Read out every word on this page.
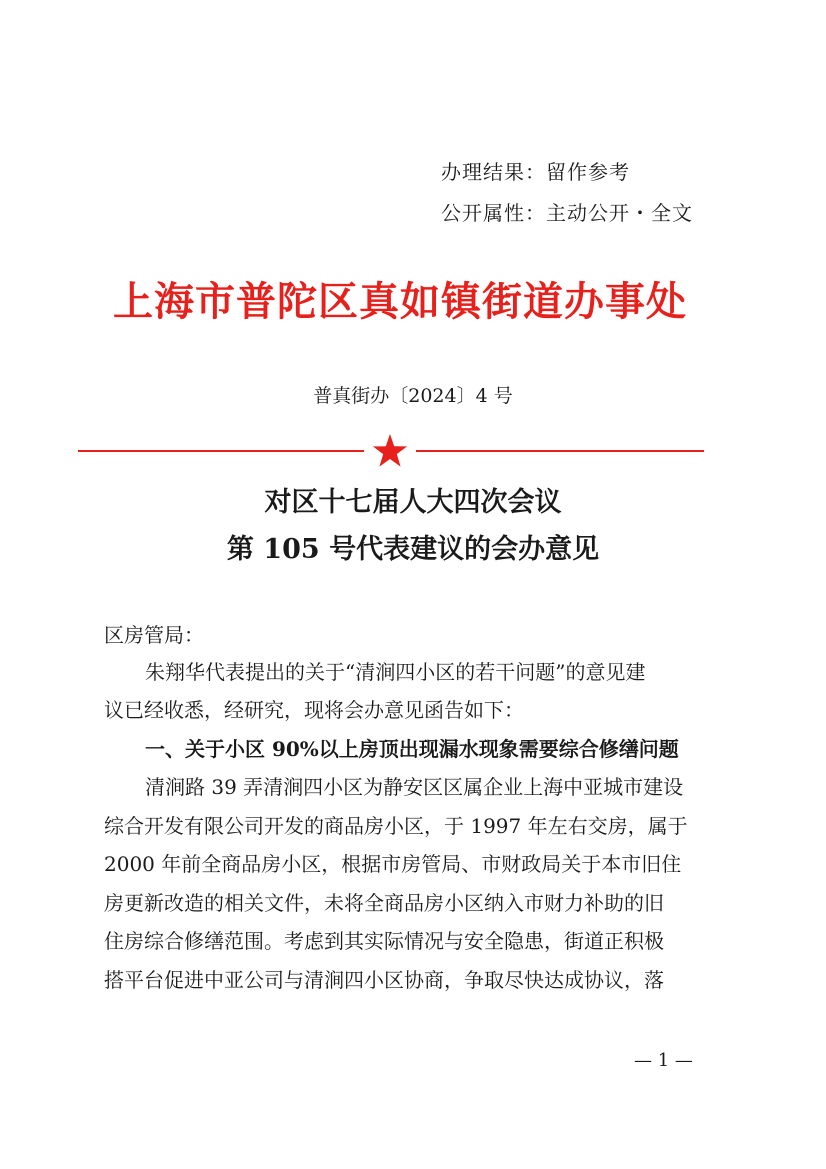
办理结果：留作参考
公开属性：主动公开・全文
上海市普陀区真如镇街道办事处
普真街办〔2024〕4 号
对区十七届人大四次会议
第 105 号代表建议的会办意见
区房管局：
朱翔华代表提出的关于“清涧四小区的若干问题”的意见建
议已经收悉，经研究，现将会办意见函告如下：
一、关于小区 90%以上房顶出现漏水现象需要综合修缮问题
清涧路 39 弄清涧四小区为静安区区属企业上海中亚城市建设
综合开发有限公司开发的商品房小区，于 1997 年左右交房，属于
2000 年前全商品房小区，根据市房管局、市财政局关于本市旧住
房更新改造的相关文件，未将全商品房小区纳入市财力补助的旧
住房综合修缮范围。考虑到其实际情况与安全隐患，街道正积极
搭平台促进中亚公司与清涧四小区协商，争取尽快达成协议，落
— 1 —
